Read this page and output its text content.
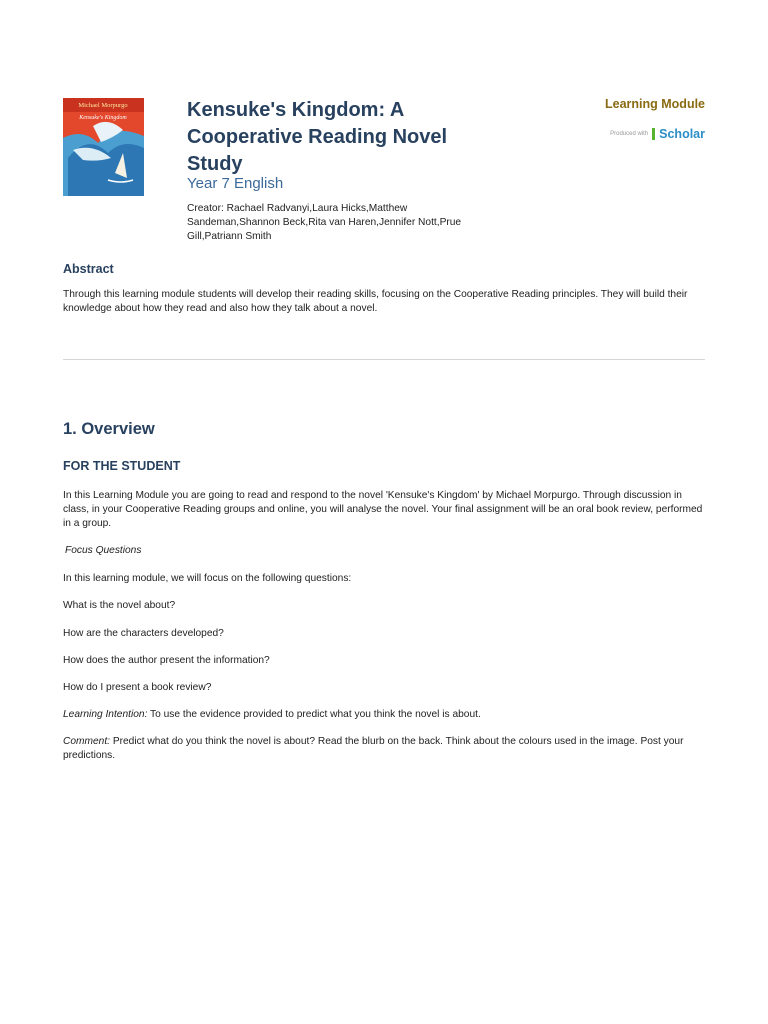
Michael Morpurgo
Kensuke's Kingdom	Kensuke's Kingdom: A Cooperative Reading Novel Study
Year 7 English
Creator: Rachael Radvanyi,Laura Hicks,Matthew Sandeman,Shannon Beck,Rita van Haren,Jennifer Nott,Prue Gill,Patriann Smith
Learning Module
Produced with Scholar
Abstract
Through this learning module students will develop their reading skills, focusing on the Cooperative Reading principles. They will build their knowledge about how they read and also how they talk about a novel.
1. Overview
FOR THE STUDENT
In this Learning Module you are going to read and respond to the novel 'Kensuke's Kingdom' by Michael Morpurgo. Through discussion in class, in your Cooperative Reading groups and online, you will analyse the novel. Your final assignment will be an oral book review, performed in a group.
Focus Questions
In this learning module, we will focus on the following questions:
What is the novel about?
How are the characters developed?
How does the author present the information?
How do I present a book review?
Learning Intention: To use the evidence provided to predict what you think the novel is about.
Comment: Predict what do you think the novel is about? Read the blurb on the back. Think about the colours used in the image. Post your predictions.
